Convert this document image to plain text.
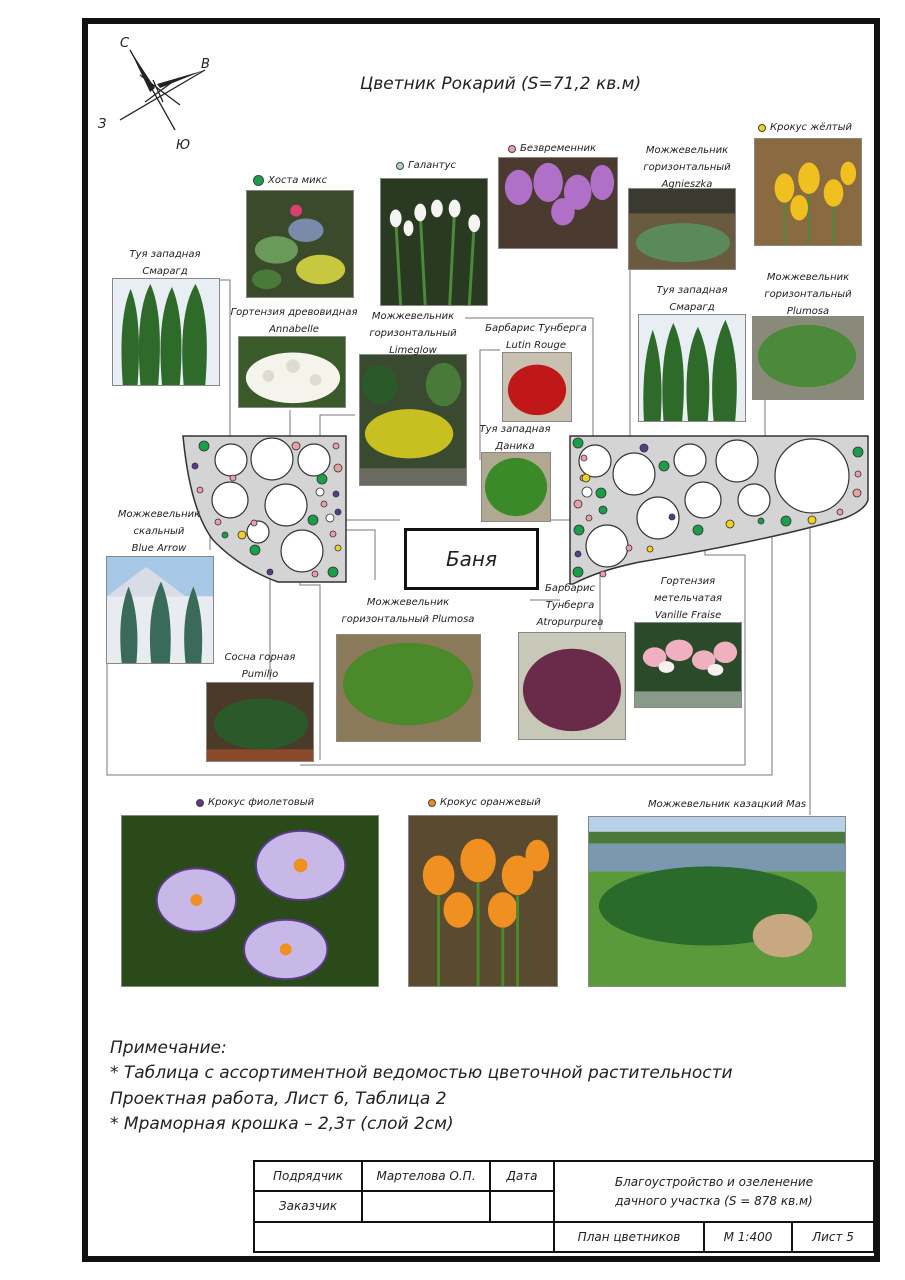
С
В
З
Ю
Цветник Рокарий (S=71,2 кв.м)
Баня
Хоста микс
Галантус
Безвременник	Можжевельник
горизонтальный
Agnieszka
Крокус жёлтый
Туя западная
Смарагд
Гортензия древовидная
Annabelle
Можжевельник
горизонтальный
Limeglow
Барбарис Тунберга
Lutin Rouge
Туя западная
Даника
Туя западная
Смарагд
Можжевельник
горизонтальный
Plumosa
Можжевельник
скальный
Blue Arrow
Можжевельник
горизонтальный Plumosa
Барбарис
Тунберга
Atropurpurea
Гортензия
метельчатая
Vanille Fraise
Сосна горная
Pumilio
Крокус фиолетовый	Крокус оранжевый	Можжевельник казацкий Mas
Примечание:
* Таблица с ассортиментной ведомостью цветочной растительности
Проектная работа, Лист 6, Таблица 2
* Мраморная крошка – 2,3т (слой 2см)
Подрядчик	Мартелова О.П.	Дата
Заказчик
Благоустройство и озеленение
дачного участка (S = 878 кв.м)
План цветников	М 1:400	Лист 5
